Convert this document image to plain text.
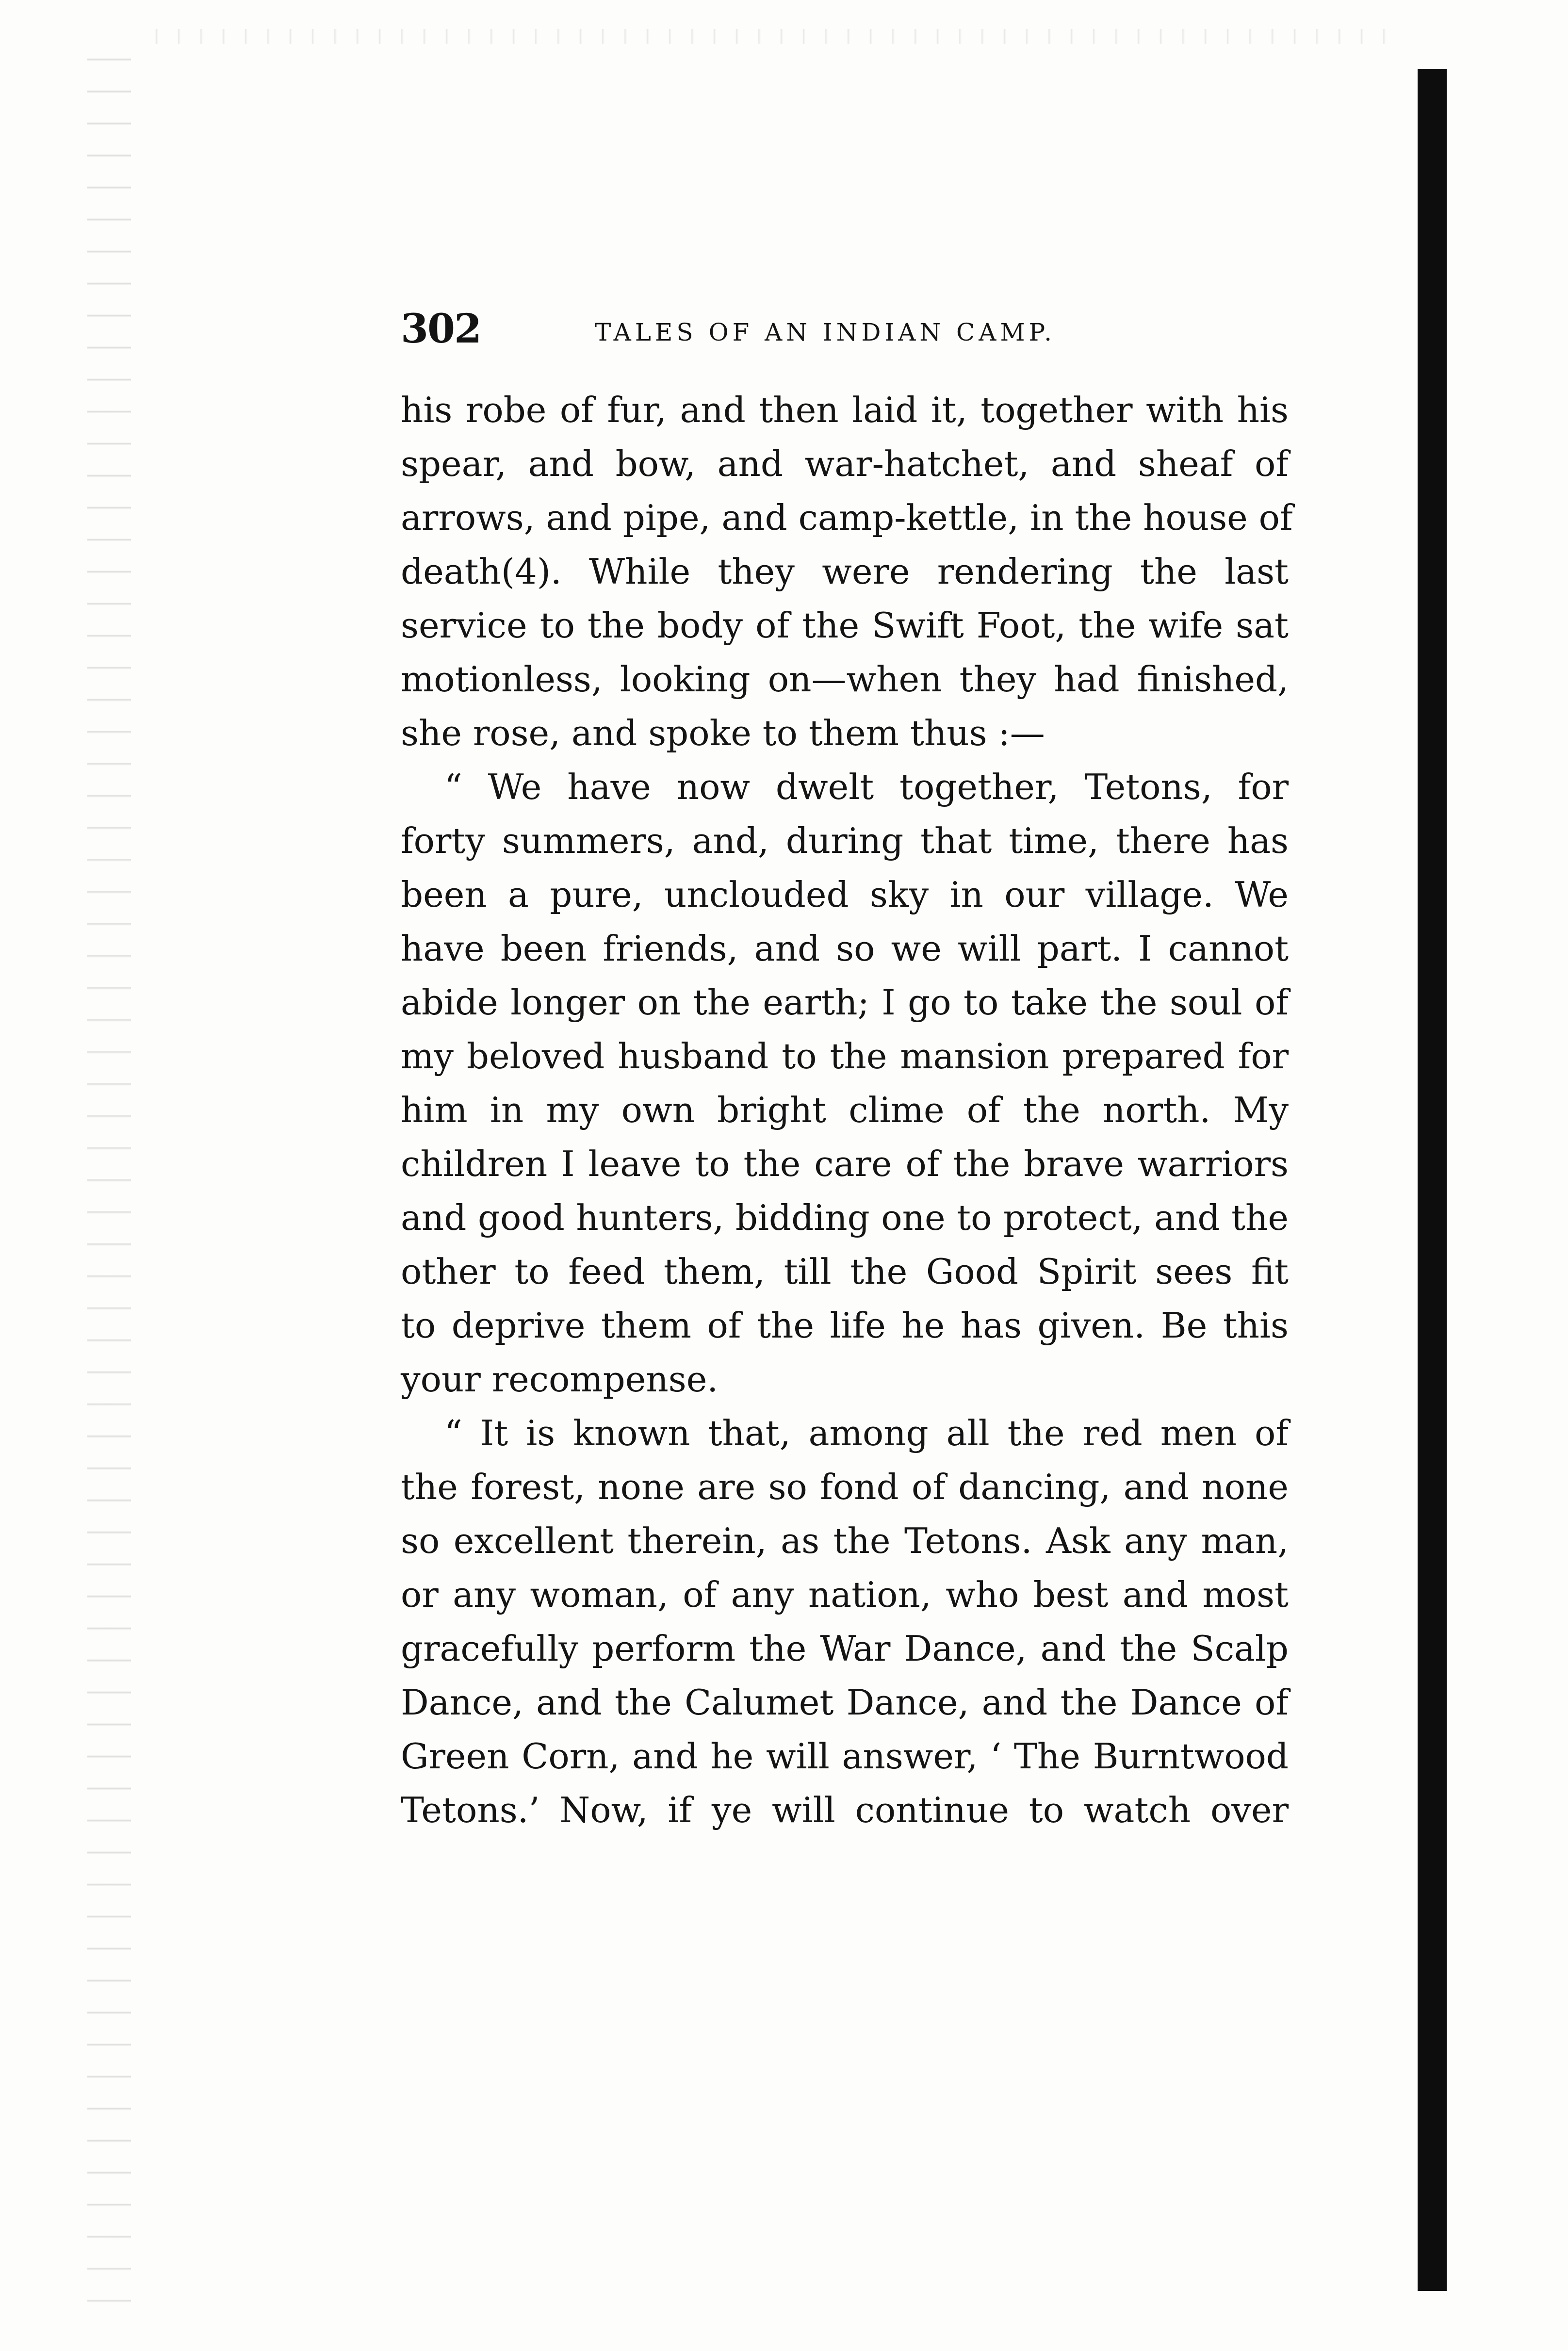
302	TALES OF AN INDIAN CAMP.
his robe of fur, and then laid it, together with his
spear, and bow, and war-hatchet, and sheaf of
arrows, and pipe, and camp-kettle, in the house of
death(4). While they were rendering the last
service to the body of the Swift Foot, the wife sat
motionless, looking on—when they had finished,
she rose, and spoke to them thus :—
“ We have now dwelt together, Tetons, for
forty summers, and, during that time, there has
been a pure, unclouded sky in our village. We
have been friends, and so we will part. I cannot
abide longer on the earth; I go to take the soul of
my beloved husband to the mansion prepared for
him in my own bright clime of the north. My
children I leave to the care of the brave warriors
and good hunters, bidding one to protect, and the
other to feed them, till the Good Spirit sees fit
to deprive them of the life he has given. Be this
your recompense.
“ It is known that, among all the red men of
the forest, none are so fond of dancing, and none
so excellent therein, as the Tetons. Ask any man,
or any woman, of any nation, who best and most
gracefully perform the War Dance, and the Scalp
Dance, and the Calumet Dance, and the Dance of
Green Corn, and he will answer, ‘ The Burntwood
Tetons.’ Now, if ye will continue to watch over
